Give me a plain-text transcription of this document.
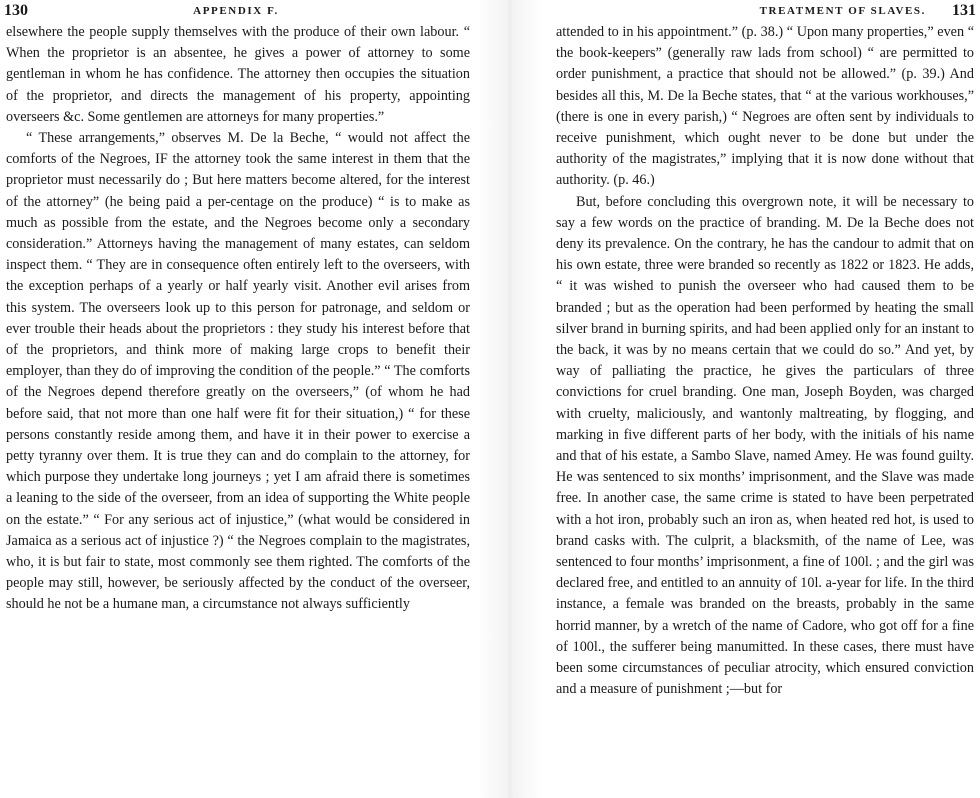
130	APPENDIX F.

elsewhere the people supply themselves with the produce of their own labour. “ When the proprietor is an absentee, he gives a power of attorney to some gentleman in whom he has confidence. The attorney then occupies the situation of the proprietor, and directs the management of his property, appointing overseers &c. Some gentlemen are attorneys for many properties.”

“ These arrangements,” observes M. De la Beche, “ would not affect the comforts of the Negroes, IF the attorney took the same interest in them that the proprietor must necessarily do ; But here matters become altered, for the interest of the attorney” (he being paid a per-centage on the produce) “ is to make as much as possible from the estate, and the Negroes become only a secondary consideration.” Attorneys having the management of many estates, can seldom inspect them. “ They are in consequence often entirely left to the overseers, with the exception perhaps of a yearly or half yearly visit. Another evil arises from this system. The overseers look up to this person for patronage, and seldom or ever trouble their heads about the proprietors : they study his interest before that of the proprietors, and think more of making large crops to benefit their employer, than they do of improving the condition of the people.” “ The comforts of the Negroes depend therefore greatly on the overseers,” (of whom he had before said, that not more than one half were fit for their situation,) “ for these persons constantly reside among them, and have it in their power to exercise a petty tyranny over them. It is true they can and do complain to the attorney, for which purpose they undertake long journeys ; yet I am afraid there is sometimes a leaning to the side of the overseer, from an idea of supporting the White people on the estate.” “ For any serious act of injustice,” (what would be considered in Jamaica as a serious act of injustice ?) “ the Negroes complain to the magistrates, who, it is but fair to state, most commonly see them righted. The comforts of the people may still, however, be seriously affected by the conduct of the overseer, should he not be a humane man, a circumstance not always sufficiently

TREATMENT OF SLAVES. 131

attended to in his appointment.” (p. 38.) “ Upon many properties,” even “ the book-keepers” (generally raw lads from school) “ are permitted to order punishment, a practice that should not be allowed.” (p. 39.) And besides all this, M. De la Beche states, that “ at the various workhouses,” (there is one in every parish,) “ Negroes are often sent by individuals to receive punishment, which ought never to be done but under the authority of the magistrates,” implying that it is now done without that authority. (p. 46.)

But, before concluding this overgrown note, it will be necessary to say a few words on the practice of branding. M. De la Beche does not deny its prevalence. On the contrary, he has the candour to admit that on his own estate, three were branded so recently as 1822 or 1823. He adds, “ it was wished to punish the overseer who had caused them to be branded ; but as the operation had been performed by heating the small silver brand in burning spirits, and had been applied only for an instant to the back, it was by no means certain that we could do so.” And yet, by way of palliating the practice, he gives the particulars of three convictions for cruel branding. One man, Joseph Boyden, was charged with cruelty, maliciously, and wantonly maltreating, by flogging, and marking in five different parts of her body, with the initials of his name and that of his estate, a Sambo Slave, named Amey. He was found guilty. He was sentenced to six months’ imprisonment, and the Slave was made free. In another case, the same crime is stated to have been perpetrated with a hot iron, probably such an iron as, when heated red hot, is used to brand casks with. The culprit, a blacksmith, of the name of Lee, was sentenced to four months’ imprisonment, a fine of 100l. ; and the girl was declared free, and entitled to an annuity of 10l. a-year for life. In the third instance, a female was branded on the breasts, probably in the same horrid manner, by a wretch of the name of Cadore, who got off for a fine of 100l., the sufferer being manumitted. In these cases, there must have been some circumstances of peculiar atrocity, which ensured conviction and a measure of punishment ;—but for
